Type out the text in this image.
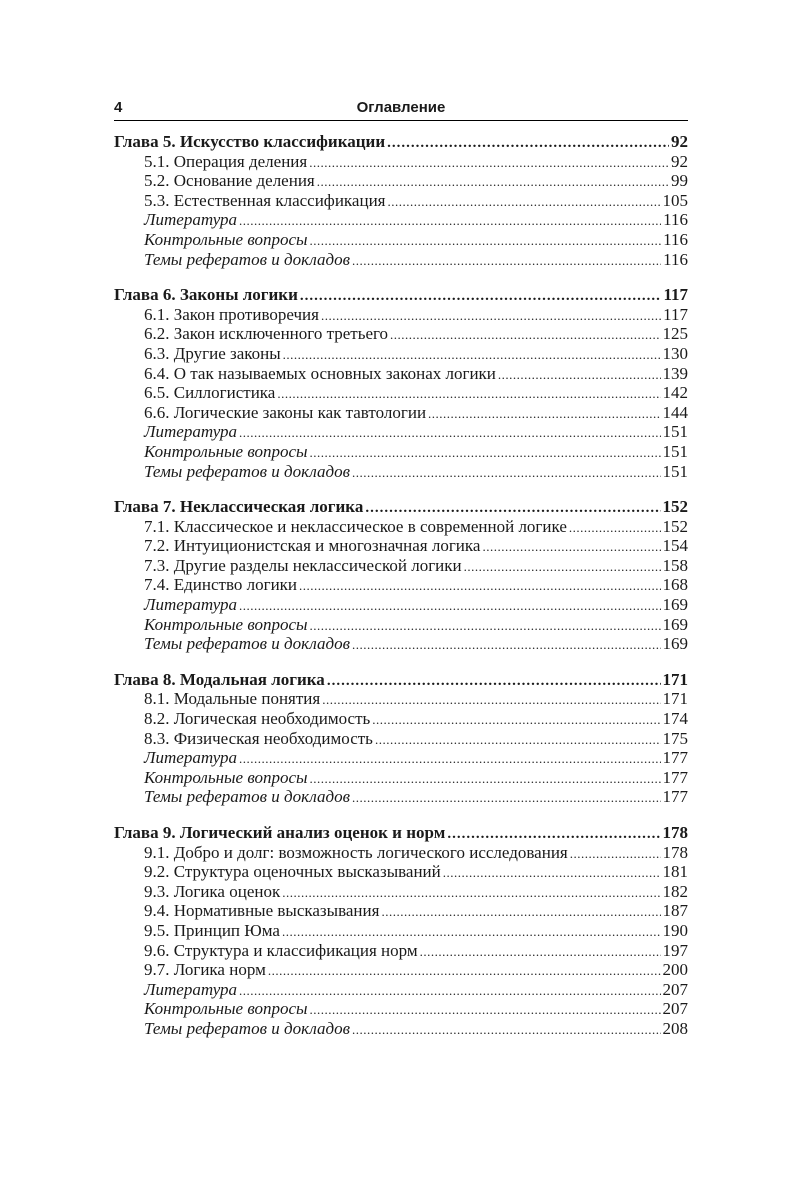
4	Оглавление
Глава 5. Искусство классификации .....	92
5.1. Операция деления .....	92
5.2. Основание деления .....	99
5.3. Естественная классификация .....	105
Литература .....	116
Контрольные вопросы .....	116
Темы рефератов и докладов .....	116
Глава 6. Законы логики .....	117
6.1. Закон противоречия .....	117
6.2. Закон исключенного третьего .....	125
6.3. Другие законы .....	130
6.4. О так называемых основных законах логики .....	139
6.5. Силлогистика .....	142
6.6. Логические законы как тавтологии .....	144
Литература .....	151
Контрольные вопросы .....	151
Темы рефератов и докладов .....	151
Глава 7. Неклассическая логика .....	152
7.1. Классическое и неклассическое в современной логике .....	152
7.2. Интуиционистская и многозначная логика .....	154
7.3. Другие разделы неклассической логики .....	158
7.4. Единство логики .....	168
Литература .....	169
Контрольные вопросы .....	169
Темы рефератов и докладов .....	169
Глава 8. Модальная логика .....	171
8.1. Модальные понятия .....	171
8.2. Логическая необходимость .....	174
8.3. Физическая необходимость .....	175
Литература .....	177
Контрольные вопросы .....	177
Темы рефератов и докладов .....	177
Глава 9. Логический анализ оценок и норм .....	178
9.1. Добро и долг: возможность логического исследования .....	178
9.2. Структура оценочных высказываний .....	181
9.3. Логика оценок .....	182
9.4. Нормативные высказывания .....	187
9.5. Принцип Юма .....	190
9.6. Структура и классификация норм .....	197
9.7. Логика норм .....	200
Литература .....	207
Контрольные вопросы .....	207
Темы рефератов и докладов .....	208
